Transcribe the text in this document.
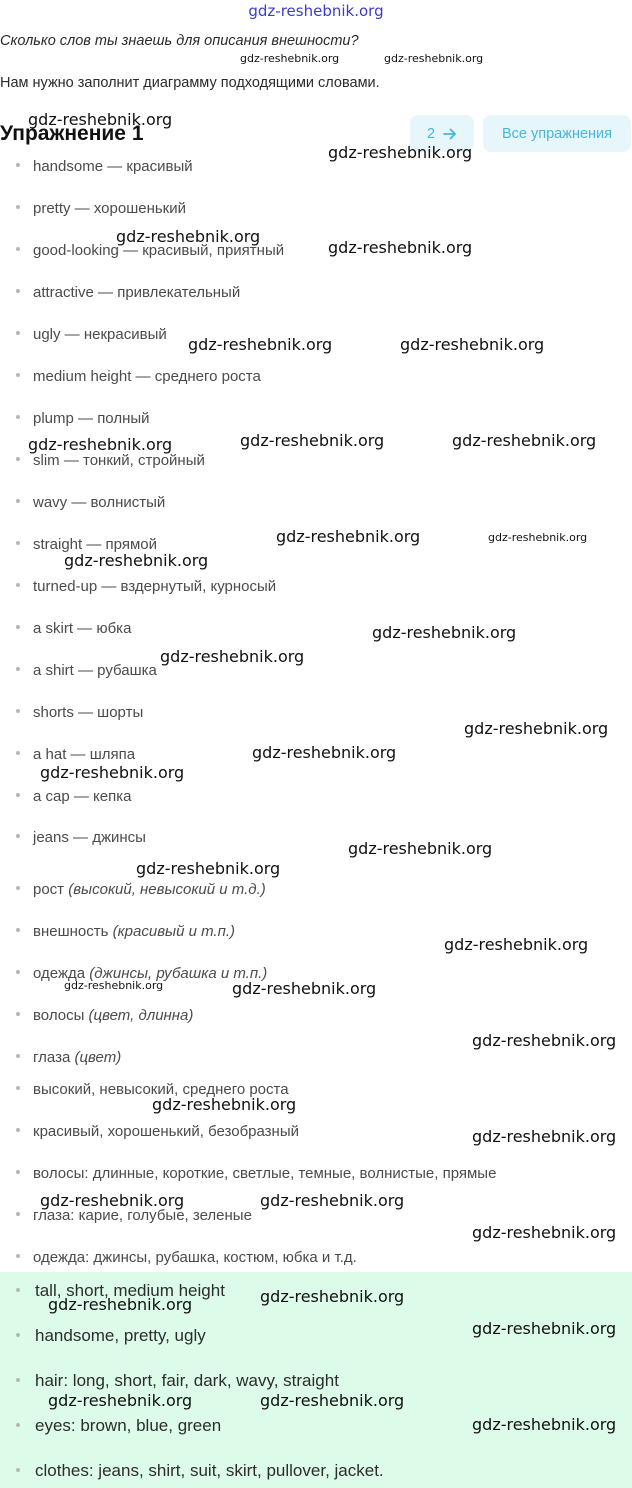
gdz-reshebnik.org
Сколько слов ты знаешь для описания внешности?
Нам нужно заполнит диаграмму подходящими словами.
Упражнение 1	2	Все упражнения
handsome — красивый
pretty — хорошенький
good-looking — красивый, приятный
attractive — привлекательный
ugly — некрасивый
medium height — среднего роста
plump — полный
slim — тонкий, стройный
wavy — волнистый
straight — прямой
turned-up — вздернутый, курносый
a skirt — юбка
a shirt — рубашка
shorts — шорты
a hat — шляпа
a cap — кепка
jeans — джинсы
рост (высокий, невысокий и т.д.)
внешность (красивый и т.п.)
одежда (джинсы, рубашка и т.п.)
волосы (цвет, длинна)
глаза (цвет)
высокий, невысокий, среднего роста
красивый, хорошенький, безобразный
волосы: длинные, короткие, светлые, темные, волнистые, прямые
глаза: карие, голубые, зеленые
одежда: джинсы, рубашка, костюм, юбка и т.д.
tall, short, medium height
handsome, pretty, ugly
hair: long, short, fair, dark, wavy, straight
eyes: brown, blue, green
clothes: jeans, shirt, suit, skirt, pullover, jacket.
gdz-reshebnik.org	gdz-reshebnik.org
gdz-reshebnik.org
gdz-reshebnik.org
gdz-reshebnik.org
gdz-reshebnik.org
gdz-reshebnik.org	gdz-reshebnik.org
gdz-reshebnik.org	gdz-reshebnik.org	gdz-reshebnik.org
gdz-reshebnik.org	gdz-reshebnik.org
gdz-reshebnik.org
gdz-reshebnik.org
gdz-reshebnik.org
gdz-reshebnik.org
gdz-reshebnik.org
gdz-reshebnik.org
gdz-reshebnik.org
gdz-reshebnik.org
gdz-reshebnik.org
gdz-reshebnik.org	gdz-reshebnik.org
gdz-reshebnik.org
gdz-reshebnik.org
gdz-reshebnik.org
gdz-reshebnik.org	gdz-reshebnik.org
gdz-reshebnik.org
gdz-reshebnik.org
gdz-reshebnik.org
gdz-reshebnik.org
gdz-reshebnik.org	gdz-reshebnik.org
gdz-reshebnik.org
